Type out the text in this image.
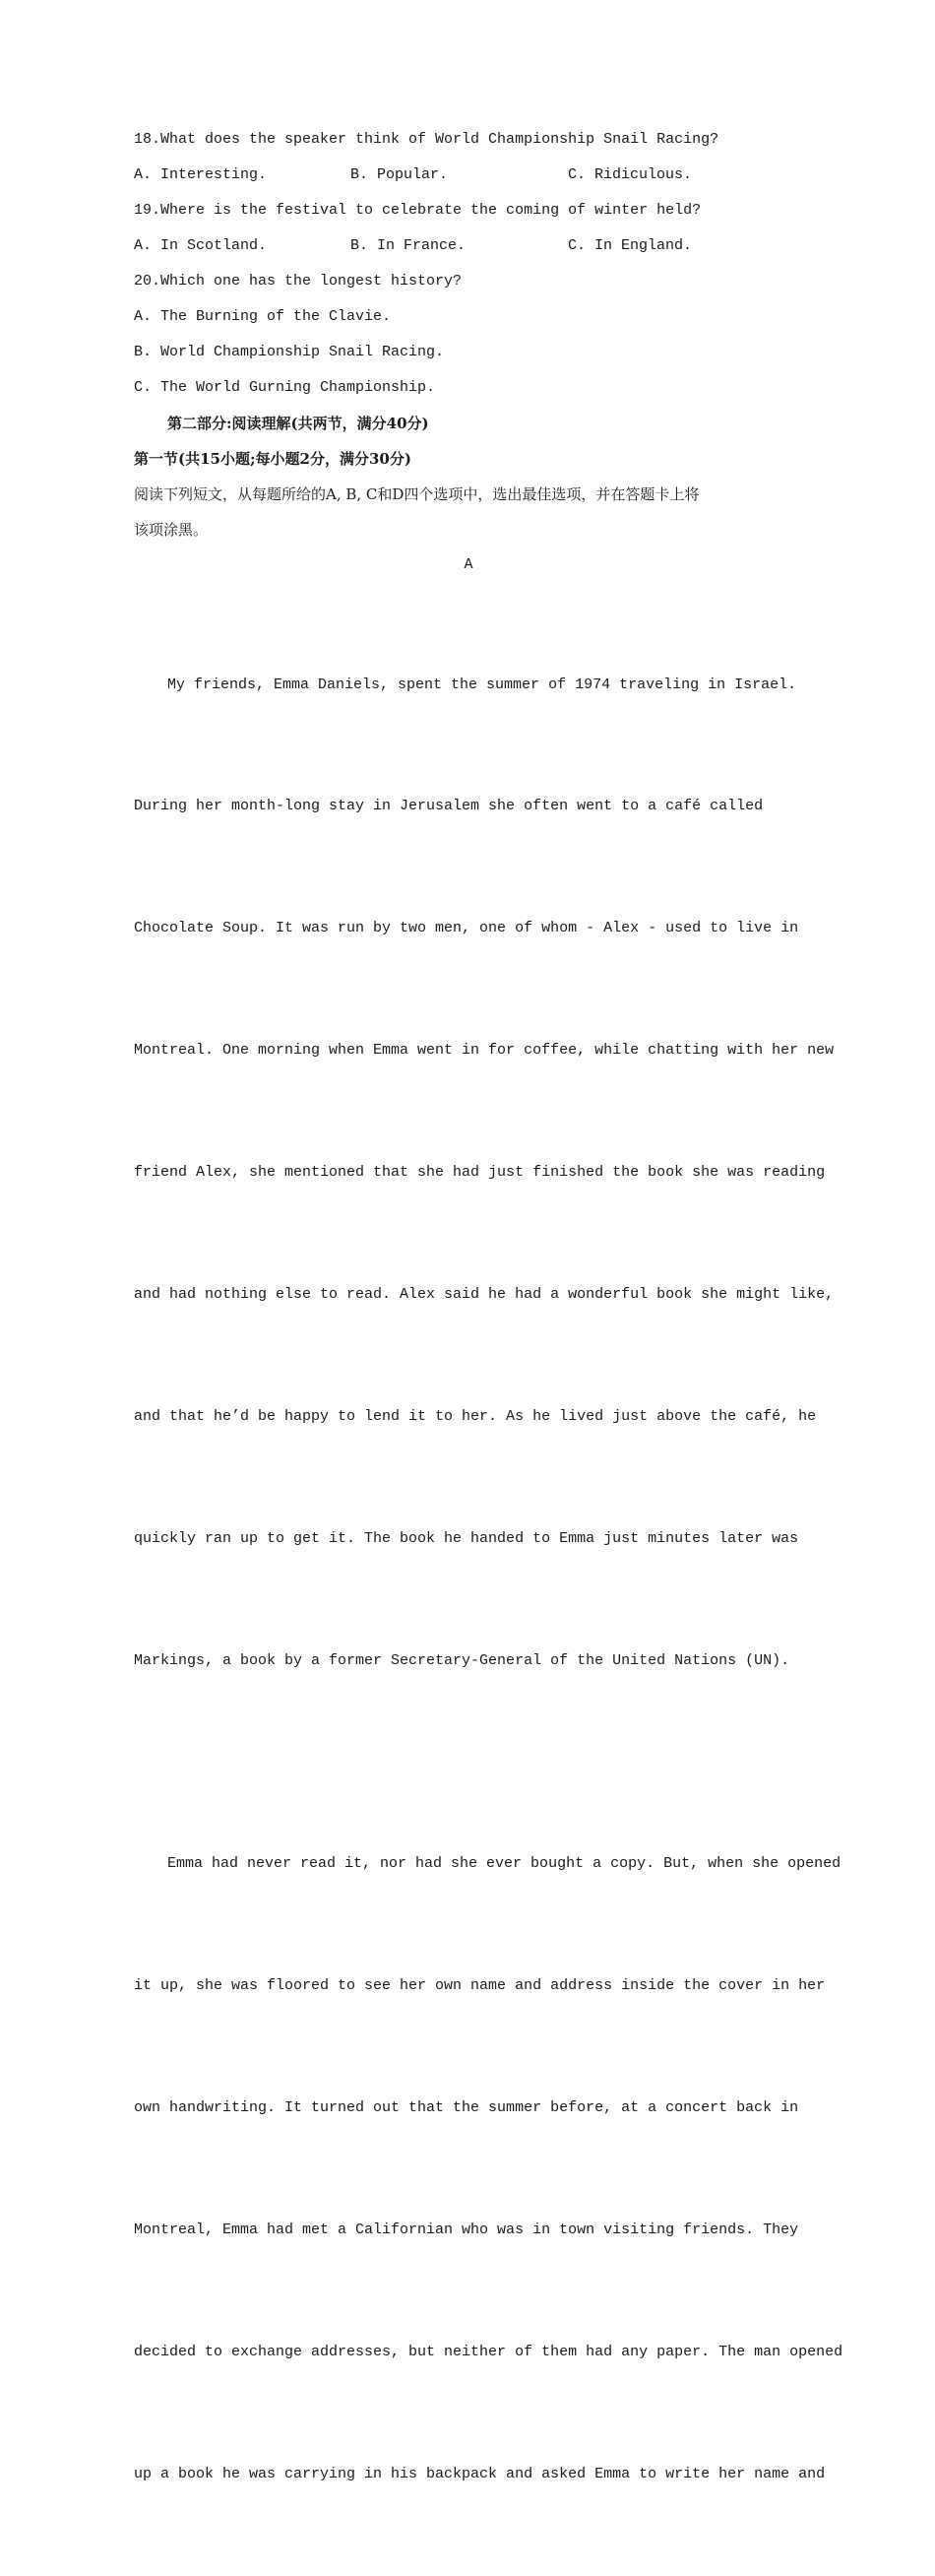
18.What does the speaker think of World Championship Snail Racing?
A. Interesting.	B. Popular.	C. Ridiculous.
19.Where is the festival to celebrate the coming of winter held?
A. In Scotland.	B. In France.	C. In England.
20.Which one has the longest history?
A. The Burning of the Clavie.
B. World Championship Snail Racing.
C. The World Gurning Championship.
第二部分:阅读理解(共两节，满分40分)
第一节(共15小题;每小题2分，满分30分)
阅读下列短文，从每题所给的A, B, C和D四个选项中，选出最佳选项，并在答题卡上将
该项涂黑。
A

My friends, Emma Daniels, spent the summer of 1974 traveling in Israel.

During her month-long stay in Jerusalem she often went to a café called

Chocolate Soup. It was run by two men, one of whom - Alex - used to live in

Montreal. One morning when Emma went in for coffee, while chatting with her new

friend Alex, she mentioned that she had just finished the book she was reading

and had nothing else to read. Alex said he had a wonderful book she might like,

and that he’d be happy to lend it to her. As he lived just above the café, he

quickly ran up to get it. The book he handed to Emma just minutes later was

Markings, a book by a former Secretary-General of the United Nations (UN).

Emma had never read it, nor had she ever bought a copy. But, when she opened

it up, she was floored to see her own name and address inside the cover in her

own handwriting. It turned out that the summer before, at a concert back in

Montreal, Emma had met a Californian who was in town visiting friends. They

decided to exchange addresses, but neither of them had any paper. The man opened

up a book he was carrying in his backpack and asked Emma to write her name and
